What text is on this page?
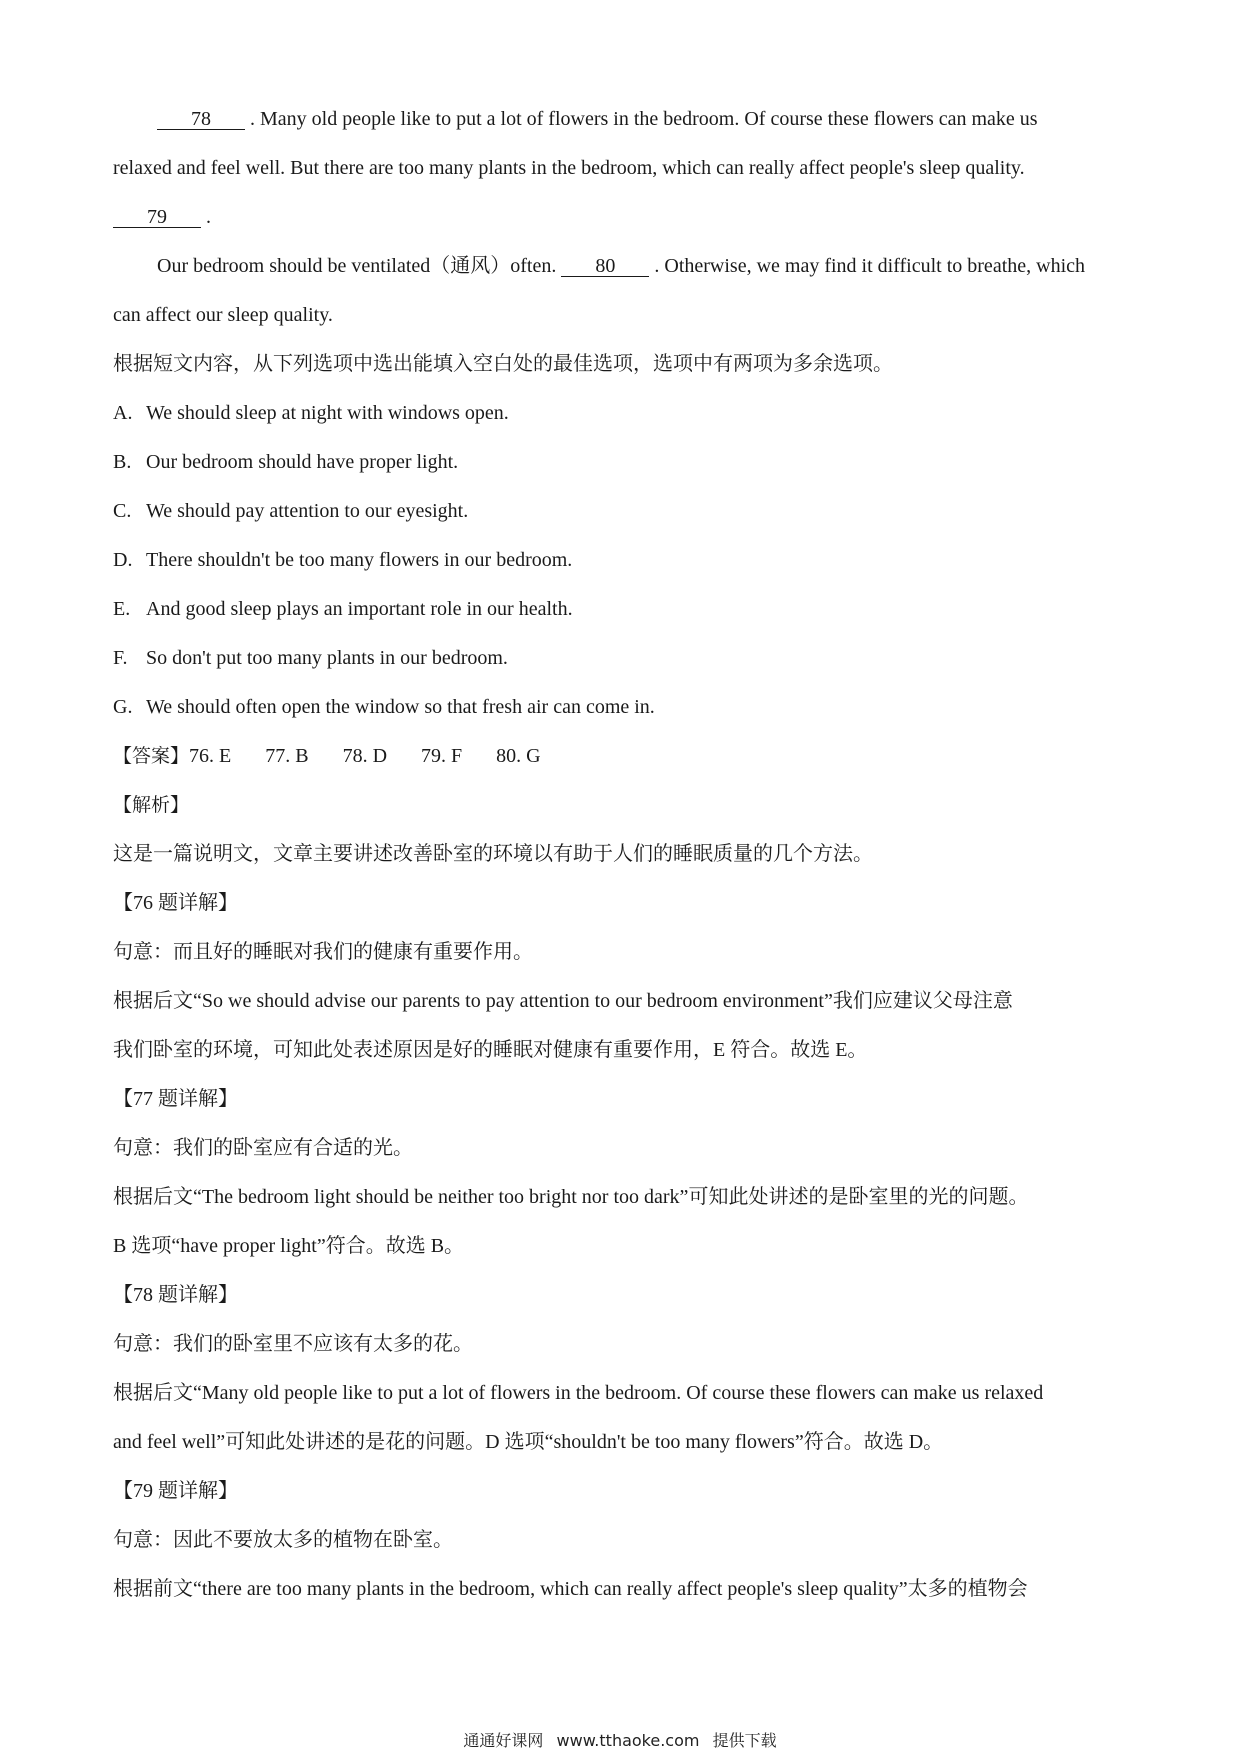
78 . Many old people like to put a lot of flowers in the bedroom. Of course these flowers can make us
relaxed and feel well. But there are too many plants in the bedroom, which can really affect people's sleep quality.
79 .
Our bedroom should be ventilated（通风）often. 80 . Otherwise, we may find it difficult to breathe, which
can affect our sleep quality.
根据短文内容，从下列选项中选出能填入空白处的最佳选项，选项中有两项为多余选项。
A. We should sleep at night with windows open.
B. Our bedroom should have proper light.
C. We should pay attention to our eyesight.
D. There shouldn't be too many flowers in our bedroom.
E. And good sleep plays an important role in our health.
F. So don't put too many plants in our bedroom.
G. We should often open the window so that fresh air can come in.
【答案】76. E 77. B 78. D 79. F 80. G
【解析】
这是一篇说明文，文章主要讲述改善卧室的环境以有助于人们的睡眠质量的几个方法。
【76 题详解】
句意：而且好的睡眠对我们的健康有重要作用。
根据后文“So we should advise our parents to pay attention to our bedroom environment”我们应建议父母注意
我们卧室的环境，可知此处表述原因是好的睡眠对健康有重要作用，E 符合。故选 E。
【77 题详解】
句意：我们的卧室应有合适的光。
根据后文“The bedroom light should be neither too bright nor too dark”可知此处讲述的是卧室里的光的问题。
B 选项“have proper light”符合。故选 B。
【78 题详解】
句意：我们的卧室里不应该有太多的花。
根据后文“Many old people like to put a lot of flowers in the bedroom. Of course these flowers can make us relaxed
and feel well”可知此处讲述的是花的问题。D 选项“shouldn't be too many flowers”符合。故选 D。
【79 题详解】
句意：因此不要放太多的植物在卧室。
根据前文“there are too many plants in the bedroom, which can really affect people's sleep quality”太多的植物会
通通好课网 www.tthaoke.com 提供下载
